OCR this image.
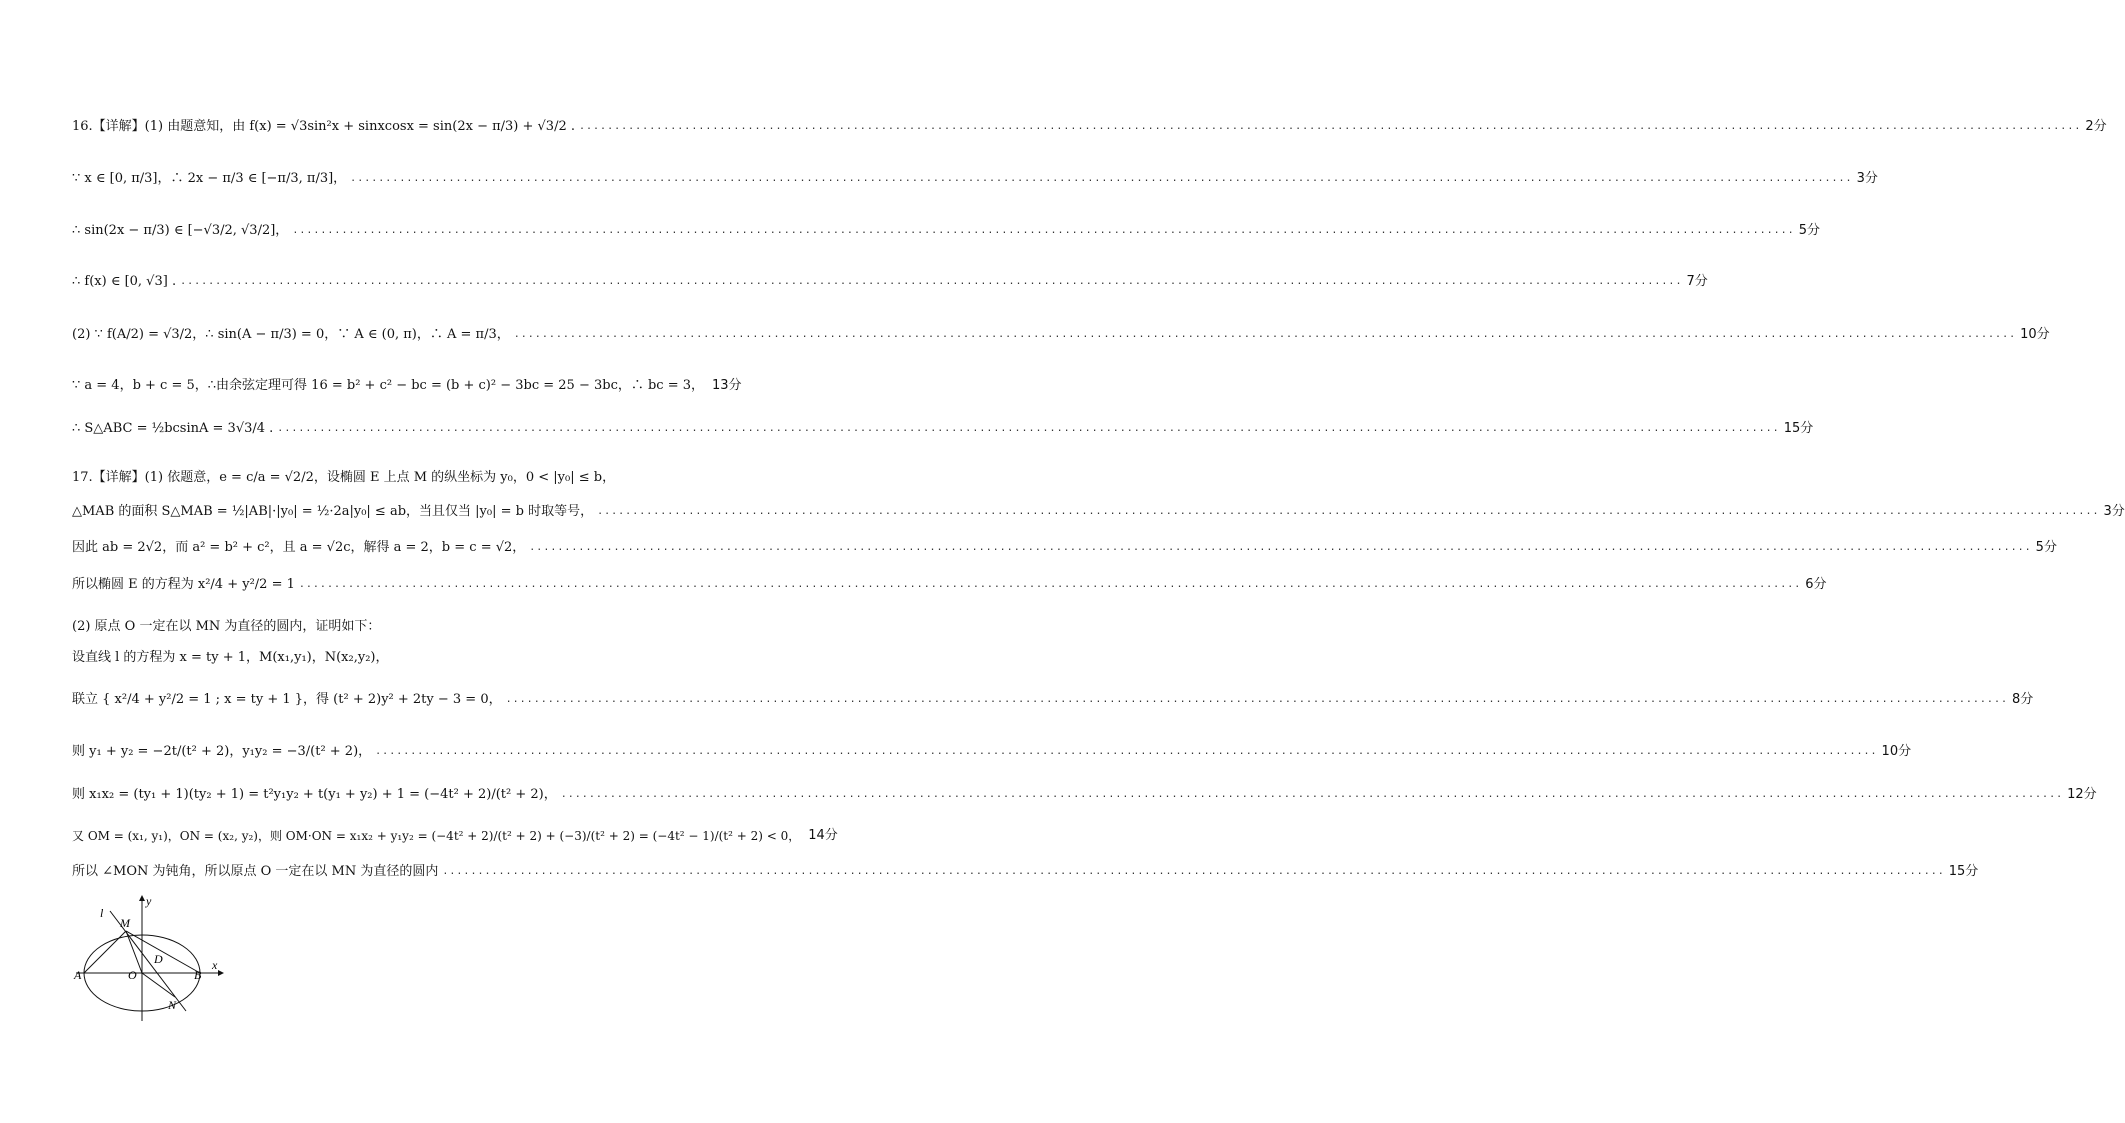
16.【详解】(1) 由题意知，由 f(x) = √3sin²x + sinxcosx = sin(2x − π/3) + √3/2 . .....	2分
∵ x ∈ [0, π/3]，∴ 2x − π/3 ∈ [−π/3, π/3]， .....	3分
∴ sin(2x − π/3) ∈ [−√3/2, √3/2]， .....	5分
∴ f(x) ∈ [0, √3] . .....	7分
(2) ∵ f(A/2) = √3/2，∴ sin(A − π/3) = 0，∵ A ∈ (0, π)，∴ A = π/3， .....	10分
∵ a = 4，b + c = 5，∴由余弦定理可得 16 = b² + c² − bc = (b + c)² − 3bc = 25 − 3bc，∴ bc = 3， 13分
∴ S△ABC = ½bcsinA = 3√3/4 . .....	15分
17.【详解】(1) 依题意，e = c/a = √2/2，设椭圆 E 上点 M 的纵坐标为 y₀，0 < |y₀| ≤ b，
△MAB 的面积 S△MAB = ½|AB|·|y₀| = ½·2a|y₀| ≤ ab，当且仅当 |y₀| = b 时取等号， .....	3分
因此 ab = 2√2，而 a² = b² + c²，且 a = √2c，解得 a = 2，b = c = √2， .....	5分
所以椭圆 E 的方程为 x²/4 + y²/2 = 1 .....	6分
(2) 原点 O 一定在以 MN 为直径的圆内，证明如下：
设直线 l 的方程为 x = ty + 1，M(x₁,y₁)，N(x₂,y₂)，
联立 { x²/4 + y²/2 = 1 ; x = ty + 1 }，得 (t² + 2)y² + 2ty − 3 = 0， .....	8分
则 y₁ + y₂ = −2t/(t² + 2)，y₁y₂ = −3/(t² + 2)， .....	10分
则 x₁x₂ = (ty₁ + 1)(ty₂ + 1) = t²y₁y₂ + t(y₁ + y₂) + 1 = (−4t² + 2)/(t² + 2)， .....	12分
又 OM = (x₁, y₁)，ON = (x₂, y₂)，则 OM·ON = x₁x₂ + y₁y₂ = (−4t² + 2)/(t² + 2) + (−3)/(t² + 2) = (−4t² − 1)/(t² + 2) < 0， 14分
所以 ∠MON 为钝角，所以原点 O 一定在以 MN 为直径的圆内 .....	15分
y
x
l
M
D
A	O	B
N
